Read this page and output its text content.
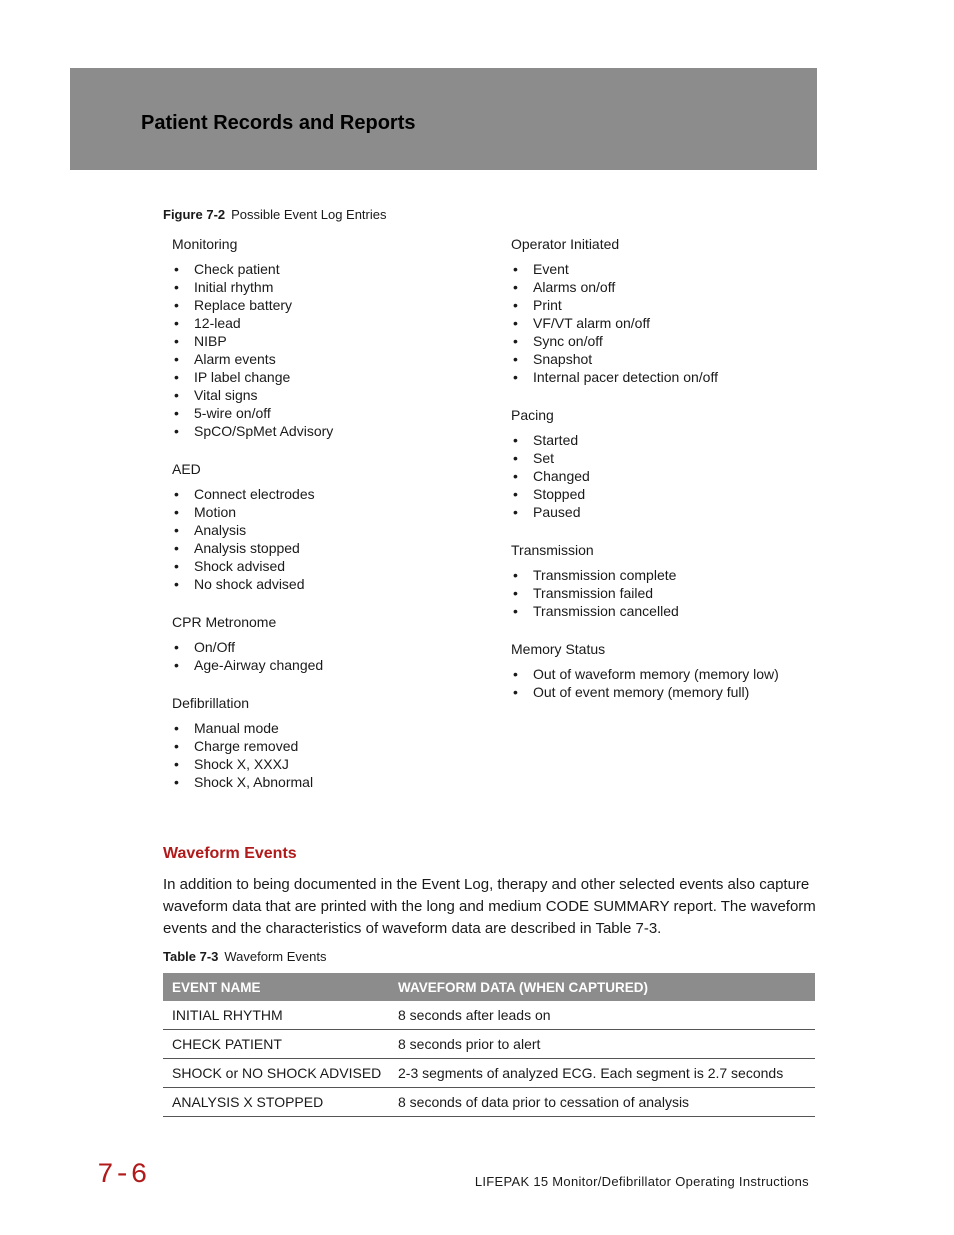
Patient Records and Reports
Figure 7-2 Possible Event Log Entries
Monitoring
• Check patient
• Initial rhythm
• Replace battery
• 12-lead
• NIBP
• Alarm events
• IP label change
• Vital signs
• 5-wire on/off
• SpCO/SpMet Advisory
AED
• Connect electrodes
• Motion
• Analysis
• Analysis stopped
• Shock advised
• No shock advised
CPR Metronome
• On/Off
• Age-Airway changed
Defibrillation
• Manual mode
• Charge removed
• Shock X, XXXJ
• Shock X, Abnormal
Operator Initiated
• Event
• Alarms on/off
• Print
• VF/VT alarm on/off
• Sync on/off
• Snapshot
• Internal pacer detection on/off
Pacing
• Started
• Set
• Changed
• Stopped
• Paused
Transmission
• Transmission complete
• Transmission failed
• Transmission cancelled
Memory Status
• Out of waveform memory (memory low)
• Out of event memory (memory full)
Waveform Events

In addition to being documented in the Event Log, therapy and other selected events also capture waveform data that are printed with the long and medium CODE SUMMARY report. The waveform events and the characteristics of waveform data are described in Table 7-3.

Table 7-3 Waveform Events
EVENT NAME	WAVEFORM DATA (WHEN CAPTURED)
INITIAL RHYTHM	8 seconds after leads on
CHECK PATIENT	8 seconds prior to alert
SHOCK or NO SHOCK ADVISED	2-3 segments of analyzed ECG. Each segment is 2.7 seconds
ANALYSIS X STOPPED	8 seconds of data prior to cessation of analysis
7-6	LIFEPAK 15 Monitor/Defibrillator Operating Instructions
